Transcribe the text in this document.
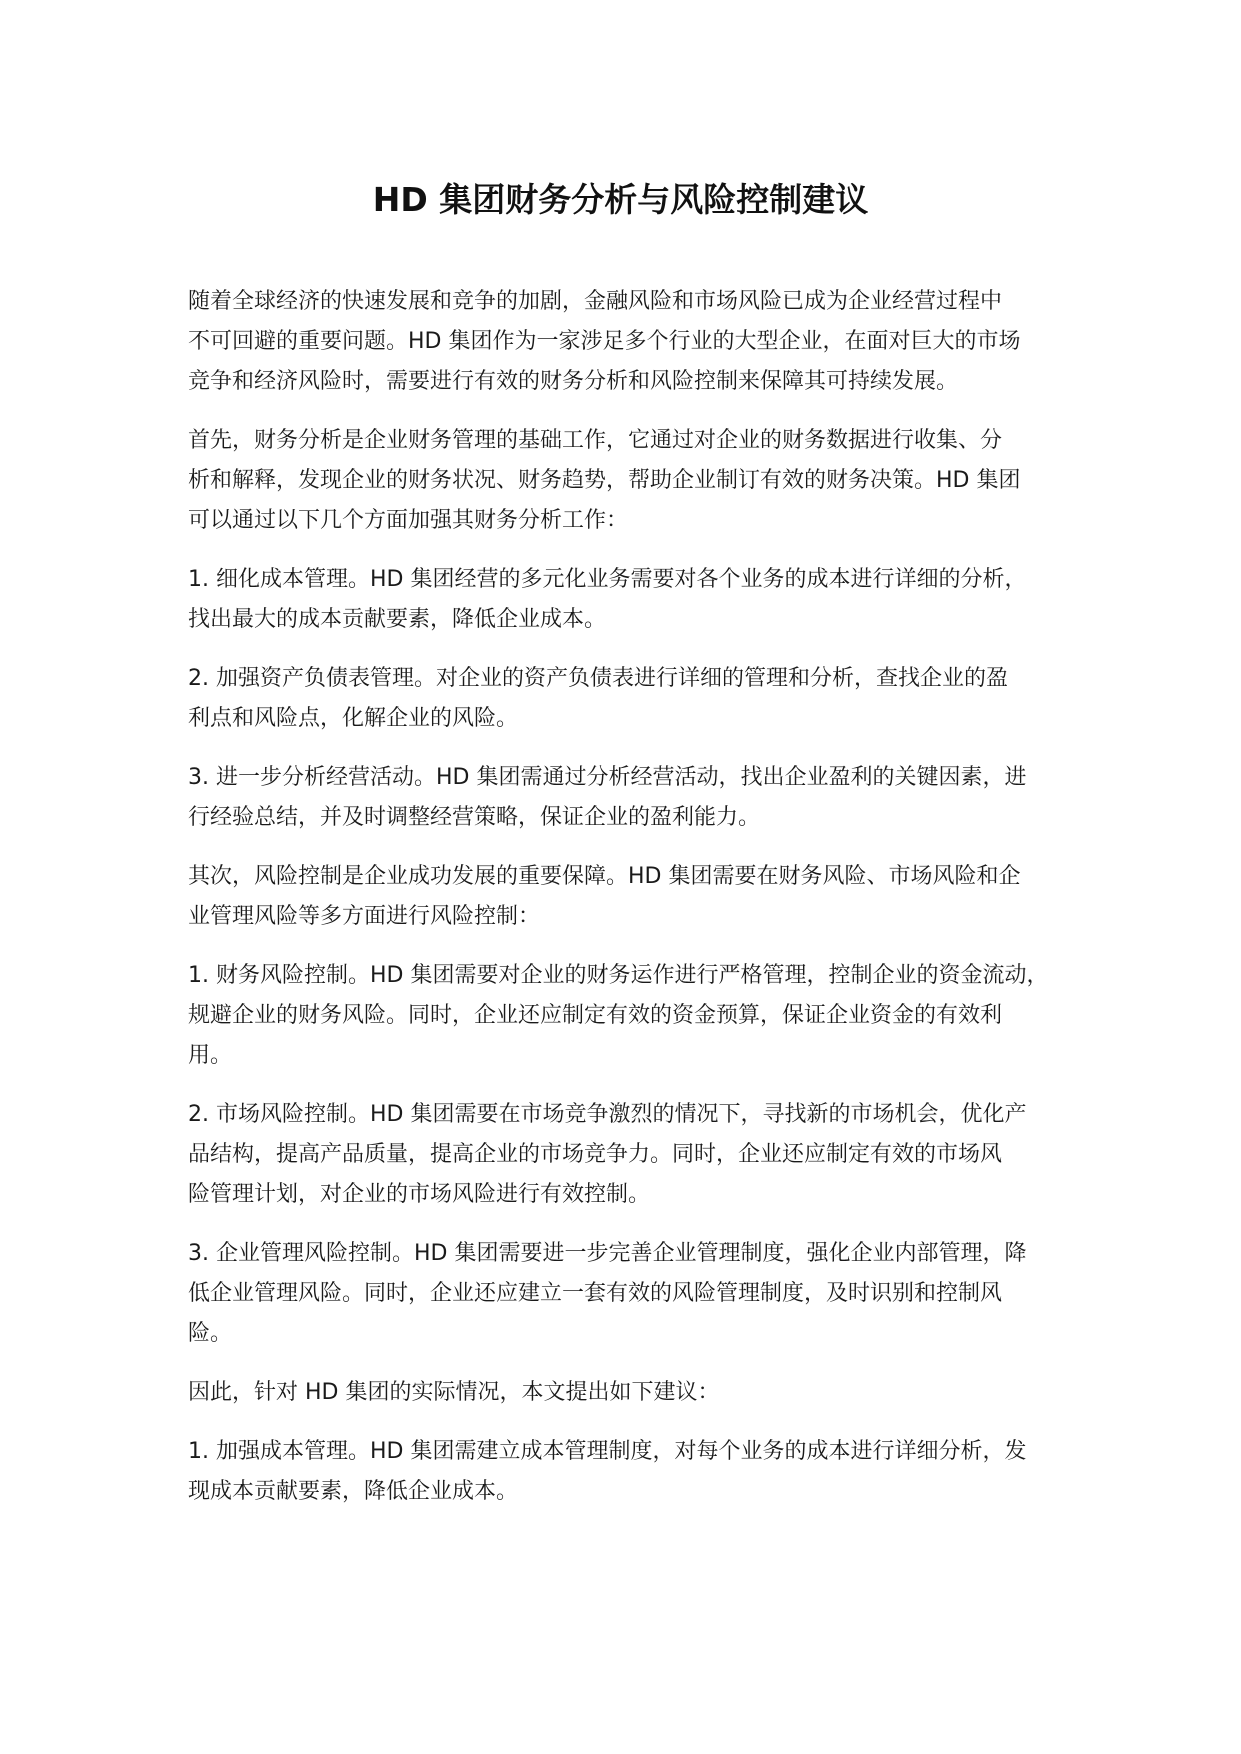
HD 集团财务分析与风险控制建议

随着全球经济的快速发展和竞争的加剧，金融风险和市场风险已成为企业经营过程中
不可回避的重要问题。HD 集团作为一家涉足多个行业的大型企业，在面对巨大的市场
竞争和经济风险时，需要进行有效的财务分析和风险控制来保障其可持续发展。

首先，财务分析是企业财务管理的基础工作，它通过对企业的财务数据进行收集、分
析和解释，发现企业的财务状况、财务趋势，帮助企业制订有效的财务决策。HD 集团
可以通过以下几个方面加强其财务分析工作：

1. 细化成本管理。HD 集团经营的多元化业务需要对各个业务的成本进行详细的分析，
找出最大的成本贡献要素，降低企业成本。

2. 加强资产负债表管理。对企业的资产负债表进行详细的管理和分析，查找企业的盈
利点和风险点，化解企业的风险。

3. 进一步分析经营活动。HD 集团需通过分析经营活动，找出企业盈利的关键因素，进
行经验总结，并及时调整经营策略，保证企业的盈利能力。

其次，风险控制是企业成功发展的重要保障。HD 集团需要在财务风险、市场风险和企
业管理风险等多方面进行风险控制：

1. 财务风险控制。HD 集团需要对企业的财务运作进行严格管理，控制企业的资金流动，
规避企业的财务风险。同时，企业还应制定有效的资金预算，保证企业资金的有效利
用。

2. 市场风险控制。HD 集团需要在市场竞争激烈的情况下，寻找新的市场机会，优化产
品结构，提高产品质量，提高企业的市场竞争力。同时，企业还应制定有效的市场风
险管理计划，对企业的市场风险进行有效控制。

3. 企业管理风险控制。HD 集团需要进一步完善企业管理制度，强化企业内部管理，降
低企业管理风险。同时，企业还应建立一套有效的风险管理制度，及时识别和控制风
险。

因此，针对 HD 集团的实际情况，本文提出如下建议：

1. 加强成本管理。HD 集团需建立成本管理制度，对每个业务的成本进行详细分析，发
现成本贡献要素，降低企业成本。
